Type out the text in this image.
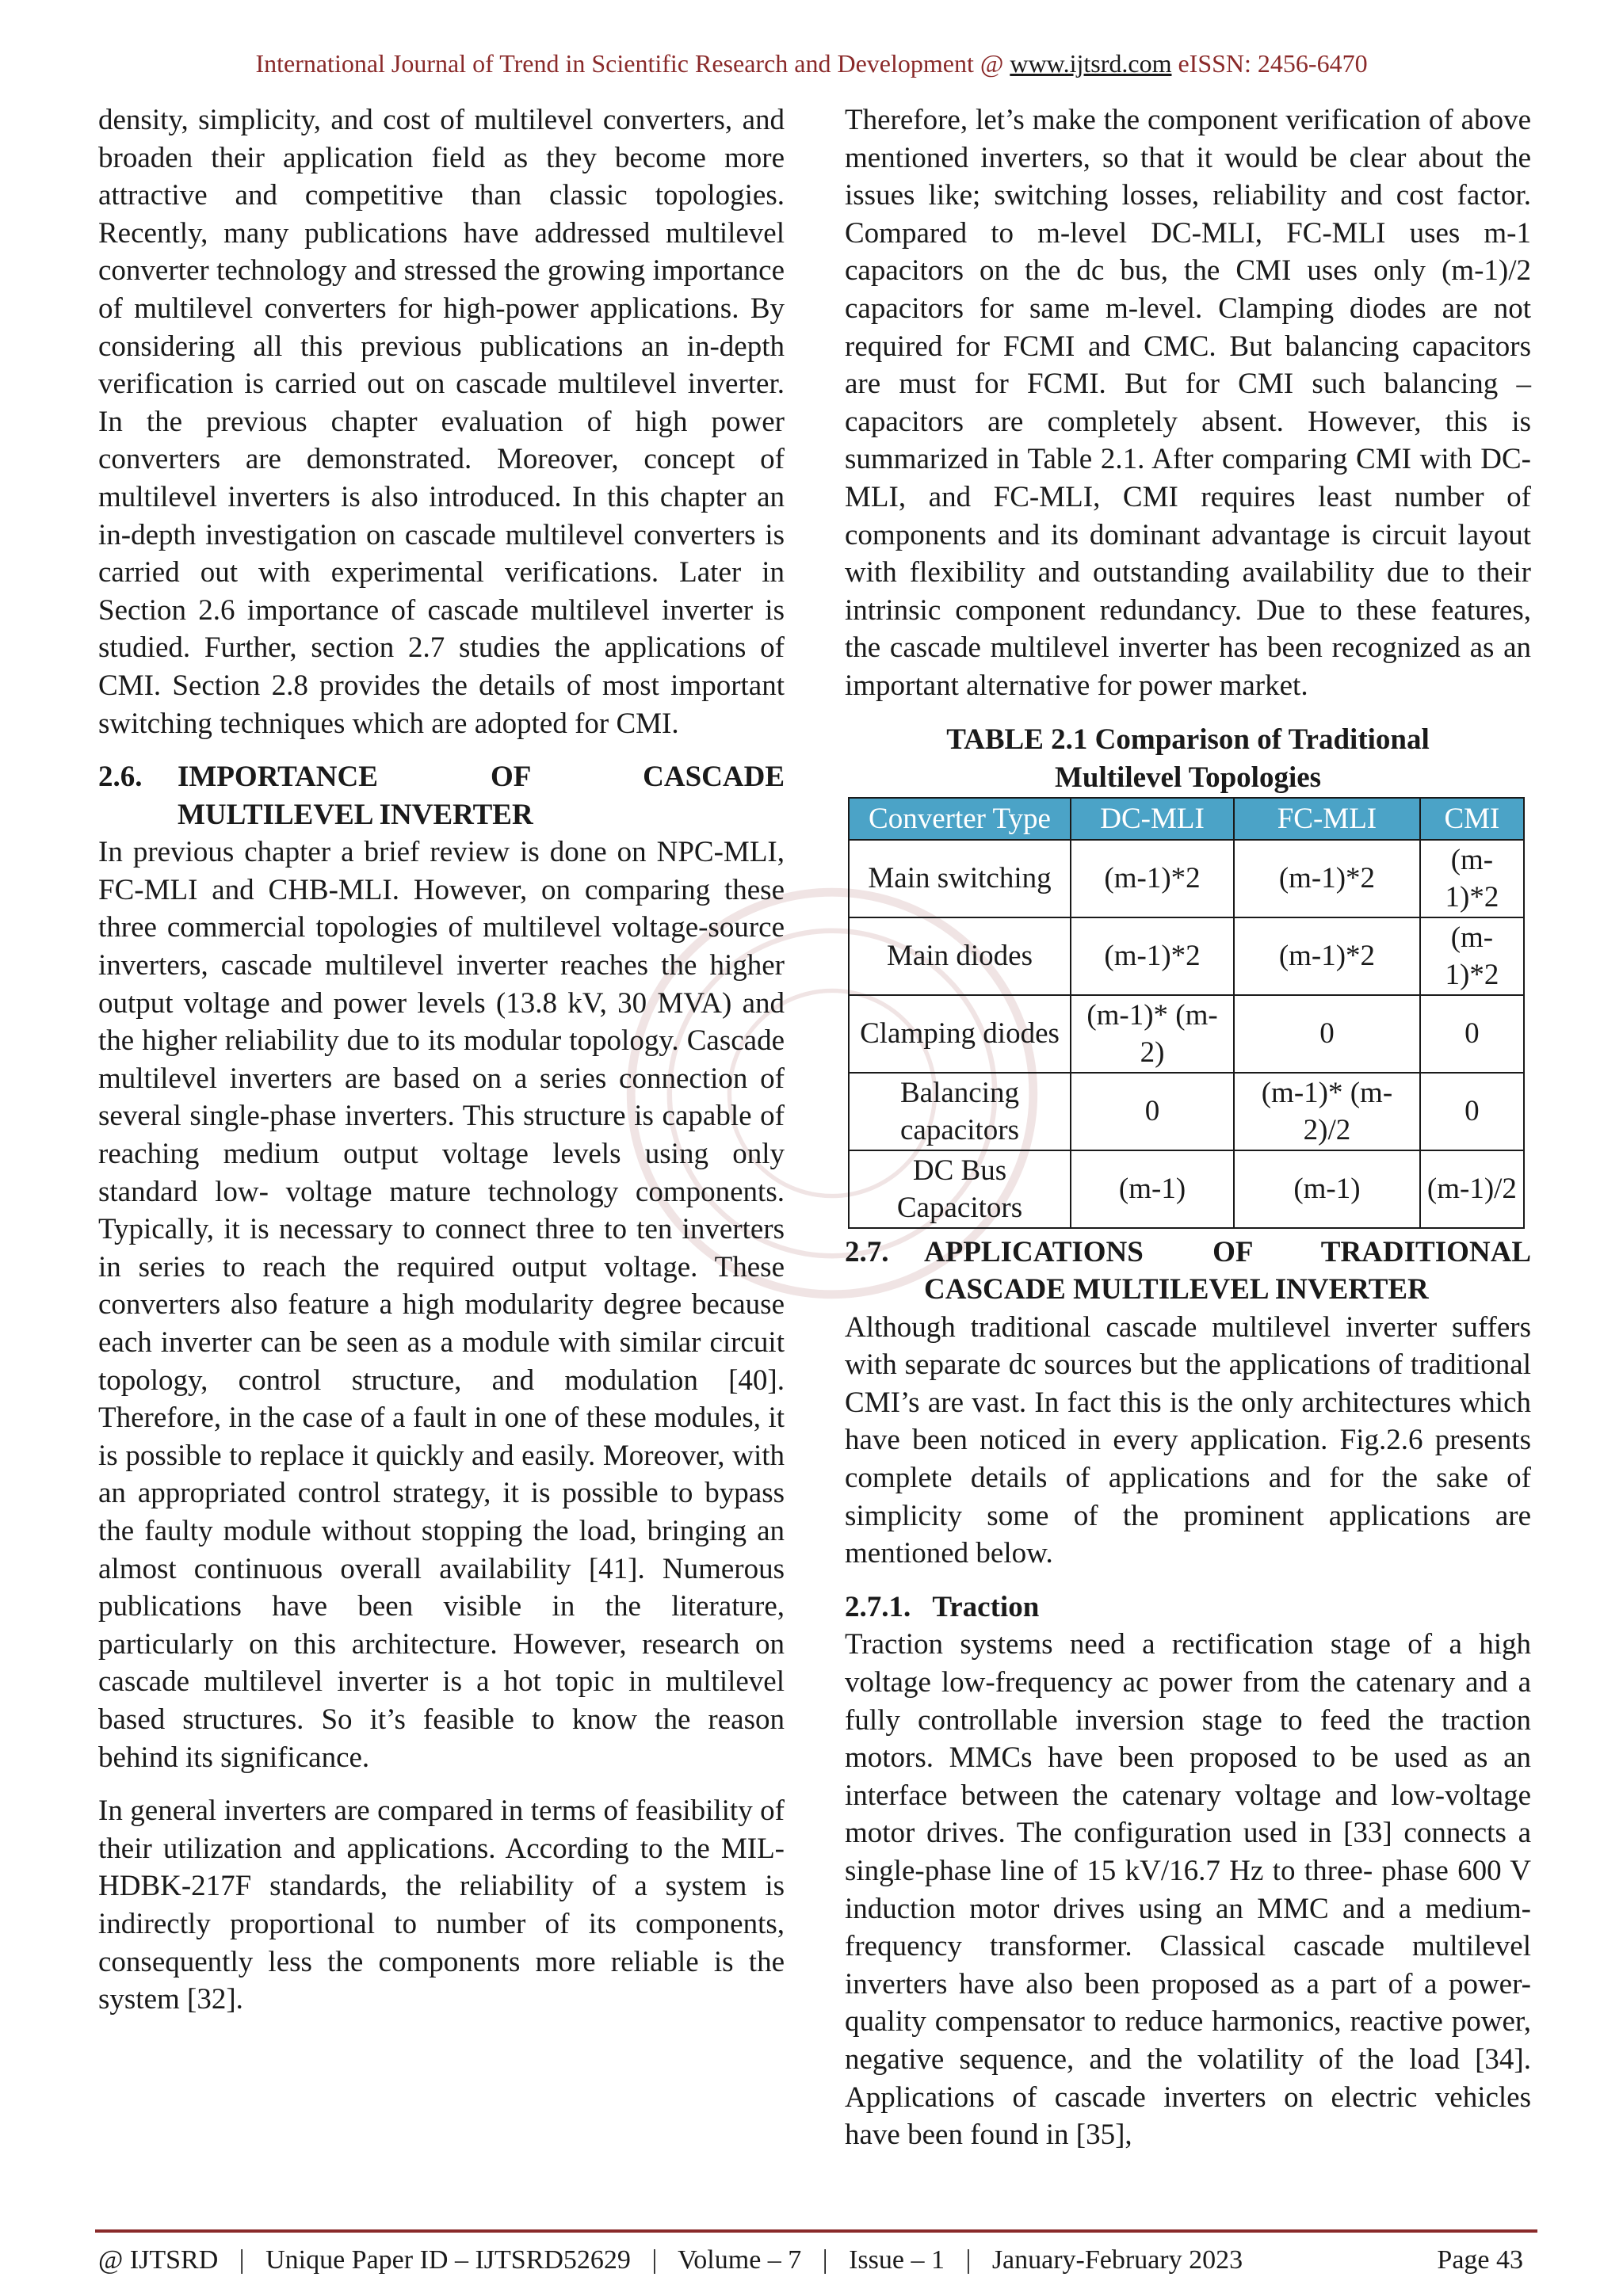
International Journal of Trend in Scientific Research and Development @ www.ijtsrd.com eISSN: 2456-6470

density, simplicity, and cost of multilevel converters, and broaden their application field as they become more attractive and competitive than classic topologies. Recently, many publications have addressed multilevel converter technology and stressed the growing importance of multilevel converters for high-power applications. By considering all this previous publications an in-depth verification is carried out on cascade multilevel inverter. In the previous chapter evaluation of high power converters are demonstrated. Moreover, concept of multilevel inverters is also introduced. In this chapter an in-depth investigation on cascade multilevel converters is carried out with experimental verifications. Later in Section 2.6 importance of cascade multilevel inverter is studied. Further, section 2.7 studies the applications of CMI. Section 2.8 provides the details of most important switching techniques which are adopted for CMI.

2.6.	IMPORTANCE OF CASCADE
MULTILEVEL INVERTER

In previous chapter a brief review is done on NPC-MLI, FC-MLI and CHB-MLI. However, on comparing these three commercial topologies of multilevel voltage-source inverters, cascade multilevel inverter reaches the higher output voltage and power levels (13.8 kV, 30 MVA) and the higher reliability due to its modular topology. Cascade multilevel inverters are based on a series connection of several single-phase inverters. This structure is capable of reaching medium output voltage levels using only standard low- voltage mature technology components. Typically, it is necessary to connect three to ten inverters in series to reach the required output voltage. These converters also feature a high modularity degree because each inverter can be seen as a module with similar circuit topology, control structure, and modulation [40]. Therefore, in the case of a fault in one of these modules, it is possible to replace it quickly and easily. Moreover, with an appropriated control strategy, it is possible to bypass the faulty module without stopping the load, bringing an almost continuous overall availability [41]. Numerous publications have been visible in the literature, particularly on this architecture. However, research on cascade multilevel inverter is a hot topic in multilevel based structures. So it’s feasible to know the reason behind its significance.

In general inverters are compared in terms of feasibility of their utilization and applications. According to the MIL-HDBK-217F standards, the reliability of a system is indirectly proportional to number of its components, consequently less the components more reliable is the system [32].

Therefore, let’s make the component verification of above mentioned inverters, so that it would be clear about the issues like; switching losses, reliability and cost factor. Compared to m-level DC-MLI, FC-MLI uses m-1 capacitors on the dc bus, the CMI uses only (m-1)/2 capacitors for same m-level. Clamping diodes are not required for FCMI and CMC. But balancing capacitors are must for FCMI. But for CMI such balancing – capacitors are completely absent. However, this is summarized in Table 2.1. After comparing CMI with DC-MLI, and FC-MLI, CMI requires least number of components and its dominant advantage is circuit layout with flexibility and outstanding availability due to their intrinsic component redundancy. Due to these features, the cascade multilevel inverter has been recognized as an important alternative for power market.

TABLE 2.1 Comparison of Traditional
Multilevel Topologies
Converter Type	DC-MLI	FC-MLI	CMI
Main switching	(m-1)*2	(m-1)*2	(m-1)*2
Main diodes	(m-1)*2	(m-1)*2	(m-1)*2
Clamping diodes	(m-1)* (m-2)	0	0
Balancing capacitors	0	(m-1)* (m-2)/2	0
DC Bus Capacitors	(m-1)	(m-1)	(m-1)/2
2.7.	APPLICATIONS OF TRADITIONAL
CASCADE MULTILEVEL INVERTER

Although traditional cascade multilevel inverter suffers with separate dc sources but the applications of traditional CMI’s are vast. In fact this is the only architectures which have been noticed in every application. Fig.2.6 presents complete details of applications and for the sake of simplicity some of the prominent applications are mentioned below.

2.7.1.   Traction

Traction systems need a rectification stage of a high voltage low-frequency ac power from the catenary and a fully controllable inversion stage to feed the traction motors. MMCs have been proposed to be used as an interface between the catenary voltage and low-voltage motor drives. The configuration used in [33] connects a single-phase line of 15 kV/16.7 Hz to three- phase 600 V induction motor drives using an MMC and a medium-frequency transformer. Classical cascade multilevel inverters have also been proposed as a part of a power-quality compensator to reduce harmonics, reactive power, negative sequence, and the volatility of the load [34]. Applications of cascade inverters on electric vehicles have been found in [35],

@ IJTSRD | Unique Paper ID – IJTSRD52629 | Volume – 7 | Issue – 1 | January-February 2023	Page 43
